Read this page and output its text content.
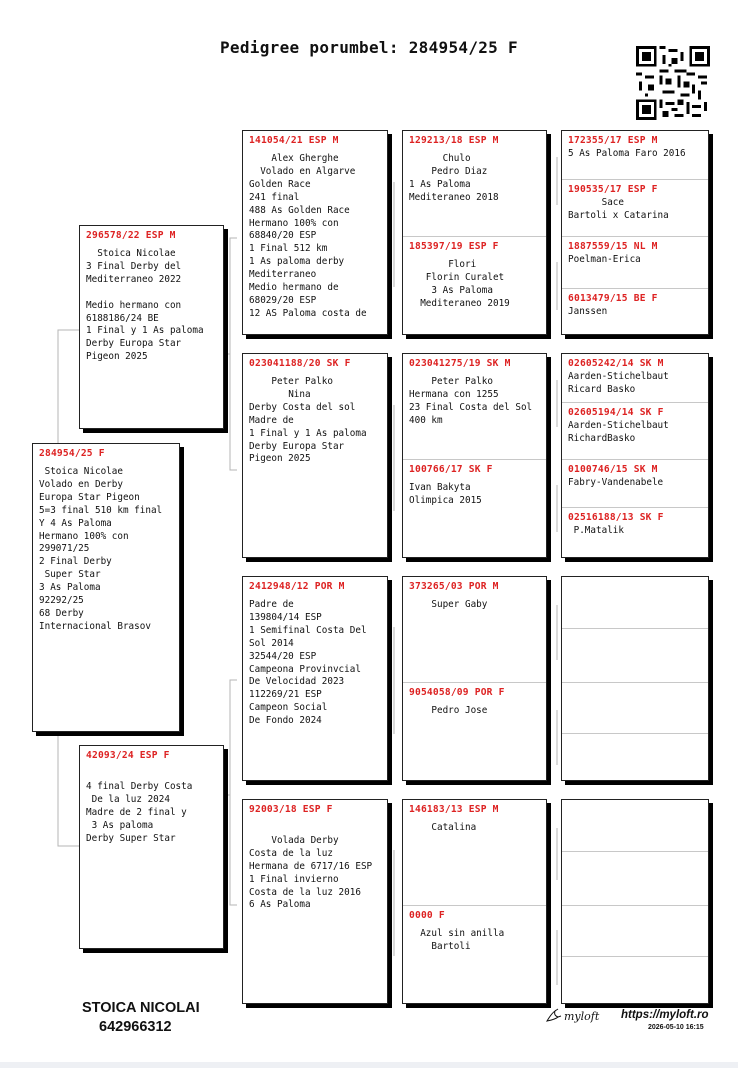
Pedigree porumbel: 284954/25 F
284954/25 F
Stoica Nicolae
Volado en Derby
Europa Star Pigeon
5=3 final 510 km final
Y 4 As Paloma
Hermano 100% con
299071/25
2 Final Derby
Super Star
3 As Paloma
92292/25
68 Derby
Internacional Brasov
296578/22 ESP M
Stoica Nicolae
3 Final Derby del
Mediterraneo 2022

Medio hermano con
6188186/24 BE
1 Final y 1 As paloma
Derby Europa Star
Pigeon 2025
42093/24 ESP F

4 final Derby Costa
De la luz 2024
Madre de 2 final y
3 As paloma
Derby Super Star
141054/21 ESP M
Alex Gherghe
Volado en Algarve
Golden Race
241 final
488 As Golden Race
Hermano 100% con
68840/20 ESP
1 Final 512 km
1 As paloma derby
Mediterraneo
Medio hermano de
68029/20 ESP
12 AS Paloma costa de
023041188/20 SK F
Peter Palko
Nina
Derby Costa del sol
Madre de
1 Final y 1 As paloma
Derby Europa Star
Pigeon 2025
2412948/12 POR M
Padre de
139804/14 ESP
1 Semifinal Costa Del
Sol 2014
32544/20 ESP
Campeona Provinvcial
De Velocidad 2023
112269/21 ESP
Campeon Social
De Fondo 2024
92003/18 ESP F

Volada Derby
Costa de la luz
Hermana de 6717/16 ESP
1 Final invierno
Costa de la luz 2016
6 As Paloma
129213/18 ESP M
Chulo
Pedro Diaz
1 As Paloma
Mediteraneo 2018
185397/19 ESP F
Flori
Florin Curalet
3 As Paloma
Mediteraneo 2019
023041275/19 SK M
Peter Palko
Hermana con 1255
23 Final Costa del Sol
400 km
100766/17 SK F
Ivan Bakyta
Olimpica 2015
373265/03 POR M
Super Gaby
9054058/09 POR F
Pedro Jose
146183/13 ESP M
Catalina
0000 F
Azul sin anilla
Bartoli
172355/17 ESP M
5 As Paloma Faro 2016
190535/17 ESP F
Sace
Bartoli x Catarina
1887559/15 NL M
Poelman-Erica
6013479/15 BE F
Janssen
02605242/14 SK M
Aarden-Stichelbaut
Ricard Basko
02605194/14 SK F
Aarden-Stichelbaut
RichardBasko
0100746/15 SK M
Fabry-Vandenabele
02516188/13 SK F
P.Matalik
STOICA NICOLAI
642966312
myloft https://myloft.ro
2026-05-10 16:15
